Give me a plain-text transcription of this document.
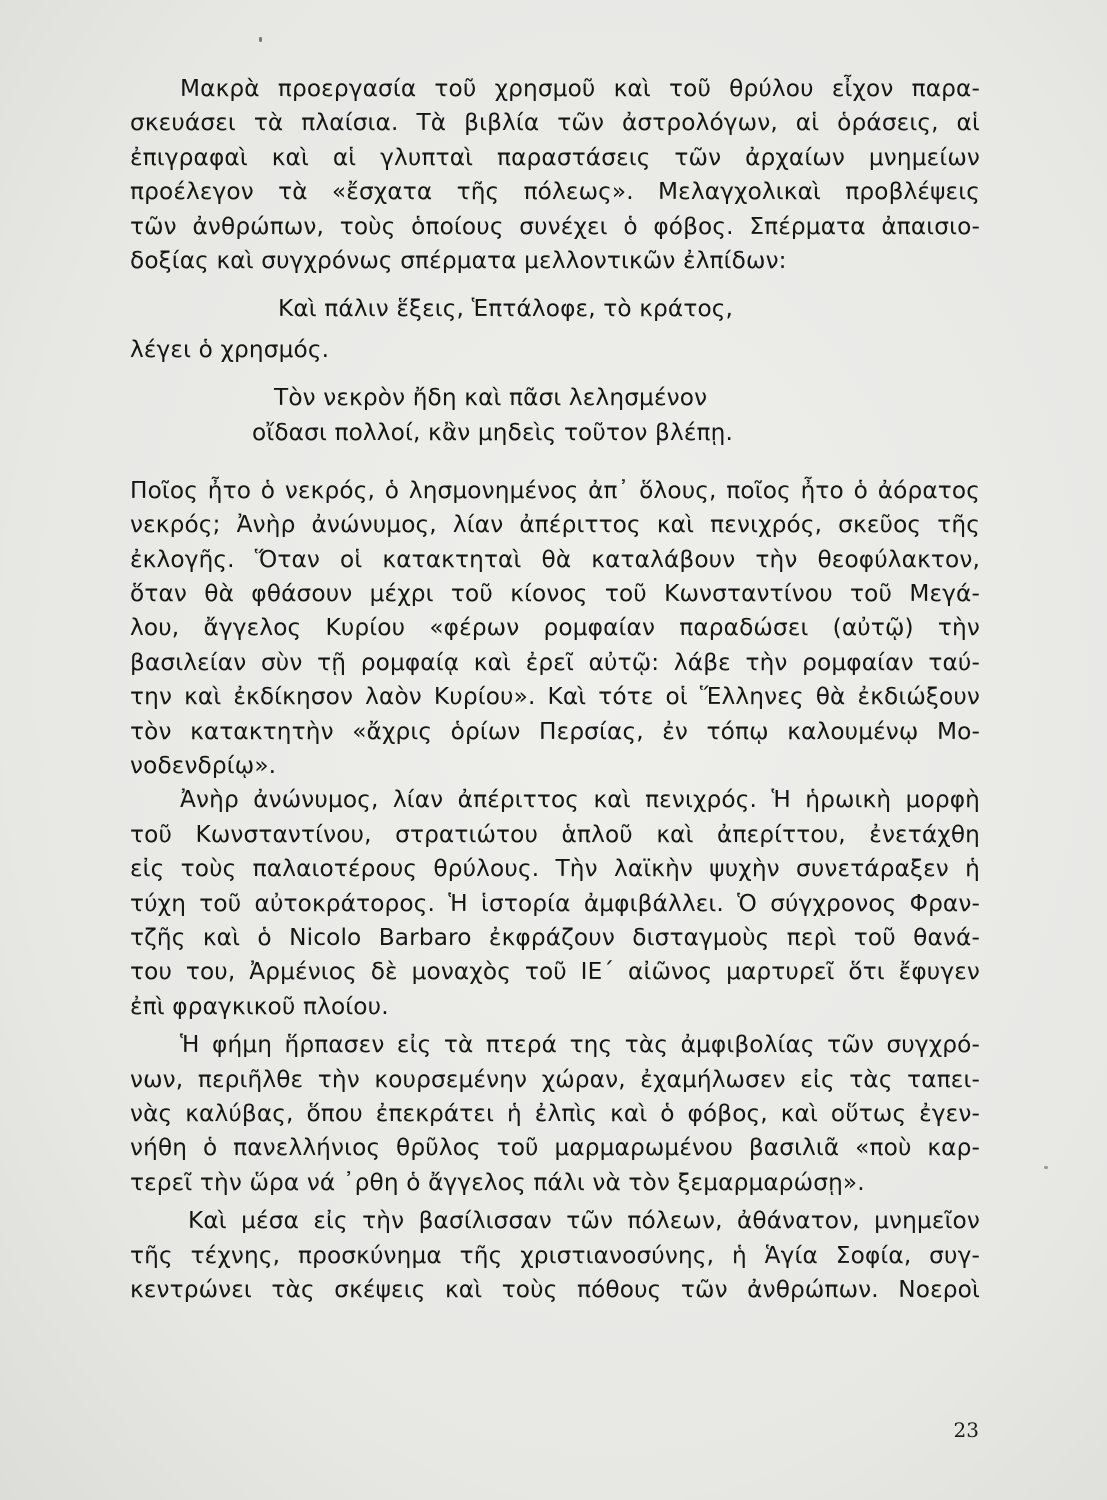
Μακρὰ προεργασία τοῦ χρησμοῦ καὶ τοῦ θρύλου εἶχον παρα-
σκευάσει τὰ πλαίσια. Τὰ βιβλία τῶν ἀστρολόγων, αἱ ὁράσεις, αἱ
ἐπιγραφαὶ καὶ αἱ γλυπταὶ παραστάσεις τῶν ἀρχαίων μνημείων
προέλεγον τὰ «ἔσχατα τῆς πόλεως». Μελαγχολικαὶ προβλέψεις
τῶν ἀνθρώπων, τοὺς ὁποίους συνέχει ὁ φόβος. Σπέρματα ἀπαισιο-
δοξίας καὶ συγχρόνως σπέρματα μελλοντικῶν ἐλπίδων:
Καὶ πάλιν ἕξεις, Ἑπτάλοφε, τὸ κράτος,
λέγει ὁ χρησμός.
Τὸν νεκρὸν ἤδη καὶ πᾶσι λελησμένον
οἴδασι πολλοί, κἂν μηδεὶς τοῦτον βλέπῃ.
Ποῖος ἦτο ὁ νεκρός, ὁ λησμονημένος ἀπ᾽ ὅλους, ποῖος ἦτο ὁ ἀόρατος
νεκρός; Ἀνὴρ ἀνώνυμος, λίαν ἀπέριττος καὶ πενιχρός, σκεῦος τῆς
ἐκλογῆς. Ὅταν οἱ κατακτηταὶ θὰ καταλάβουν τὴν θεοφύλακτον,
ὅταν θὰ φθάσουν μέχρι τοῦ κίονος τοῦ Κωνσταντίνου τοῦ Μεγά-
λου, ἄγγελος Κυρίου «φέρων ρομφαίαν παραδώσει (αὐτῷ) τὴν
βασιλείαν σὺν τῇ ρομφαίᾳ καὶ ἐρεῖ αὐτῷ: λάβε τὴν ρομφαίαν ταύ-
την καὶ ἐκδίκησον λαὸν Κυρίου». Καὶ τότε οἱ Ἕλληνες θὰ ἐκδιώξουν
τὸν κατακτητὴν «ἄχρις ὁρίων Περσίας, ἐν τόπῳ καλουμένῳ Μο-
νοδενδρίῳ».
Ἀνὴρ ἀνώνυμος, λίαν ἀπέριττος καὶ πενιχρός. Ἡ ἡρωικὴ μορφὴ
τοῦ Κωνσταντίνου, στρατιώτου ἁπλοῦ καὶ ἀπερίττου, ἐνετάχθη
εἰς τοὺς παλαιοτέρους θρύλους. Τὴν λαϊκὴν ψυχὴν συνετάραξεν ἡ
τύχη τοῦ αὐτοκράτορος. Ἡ ἱστορία ἀμφιβάλλει. Ὁ σύγχρονος Φραν-
τζῆς καὶ ὁ Nicolo Barbaro ἐκφράζουν δισταγμοὺς περὶ τοῦ θανά-
του του, Ἀρμένιος δὲ μοναχὸς τοῦ ΙΕ΄ αἰῶνος μαρτυρεῖ ὅτι ἔφυγεν
ἐπὶ φραγκικοῦ πλοίου.
Ἡ φήμη ἥρπασεν εἰς τὰ πτερά της τὰς ἀμφιβολίας τῶν συγχρό-
νων, περιῆλθε τὴν κουρσεμένην χώραν, ἐχαμήλωσεν εἰς τὰς ταπει-
νὰς καλύβας, ὅπου ἐπεκράτει ἡ ἐλπὶς καὶ ὁ φόβος, καὶ οὕτως ἐγεν-
νήθη ὁ πανελλήνιος θρῦλος τοῦ μαρμαρωμένου βασιλιᾶ «ποὺ καρ-
τερεῖ τὴν ὥρα νά ᾽ρθη ὁ ἄγγελος πάλι νὰ τὸν ξεμαρμαρώσῃ».
Καὶ μέσα εἰς τὴν βασίλισσαν τῶν πόλεων, ἀθάνατον, μνημεῖον
τῆς τέχνης, προσκύνημα τῆς χριστιανοσύνης, ἡ Ἁγία Σοφία, συγ-
κεντρώνει τὰς σκέψεις καὶ τοὺς πόθους τῶν ἀνθρώπων. Νοεροὶ
23
